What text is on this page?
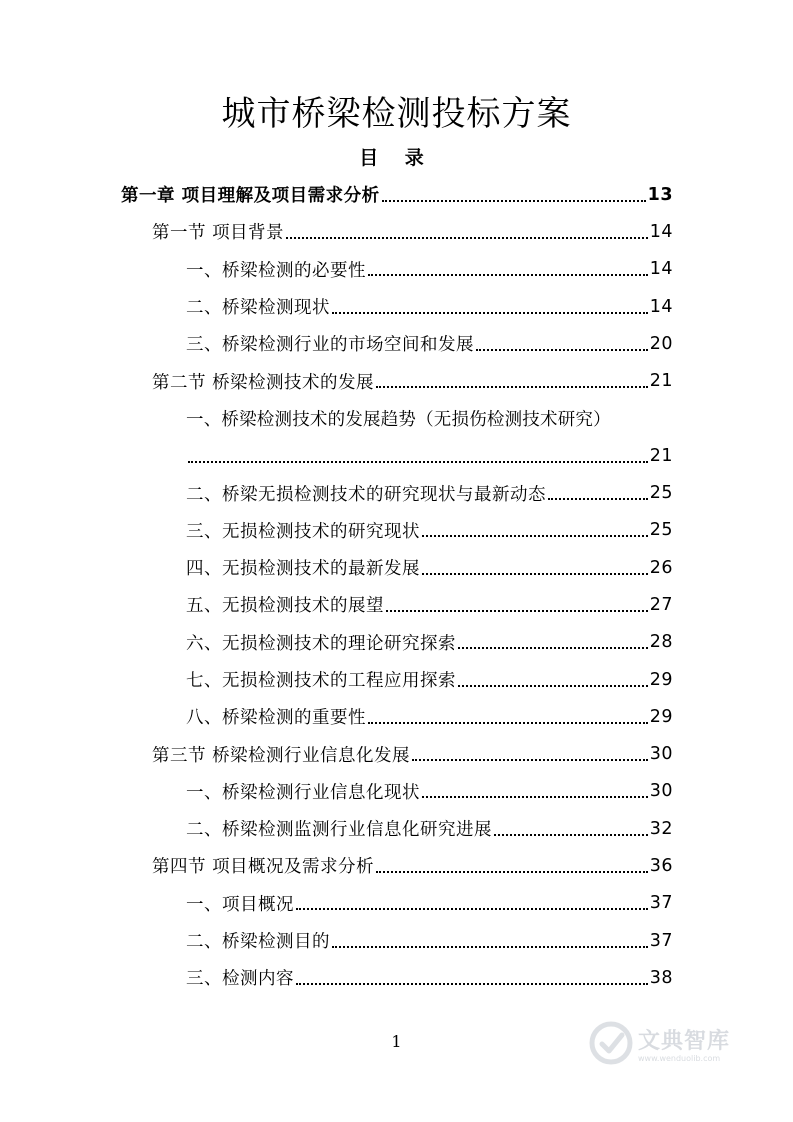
城市桥梁检测投标方案
目 录
第一章 项目理解及项目需求分析	13
第一节 项目背景	14
一、桥梁检测的必要性	14
二、桥梁检测现状	14
三、桥梁检测行业的市场空间和发展	20
第二节 桥梁检测技术的发展	21
一、桥梁检测技术的发展趋势（无损伤检测技术研究）
21
二、桥梁无损检测技术的研究现状与最新动态	25
三、无损检测技术的研究现状	25
四、无损检测技术的最新发展	26
五、无损检测技术的展望	27
六、无损检测技术的理论研究探索	28
七、无损检测技术的工程应用探索	29
八、桥梁检测的重要性	29
第三节 桥梁检测行业信息化发展	30
一、桥梁检测行业信息化现状	30
二、桥梁检测监测行业信息化研究进展	32
第四节 项目概况及需求分析	36
一、项目概况	37
二、桥梁检测目的	37
三、检测内容	38
1	文典智库
www.wenduolib.com
